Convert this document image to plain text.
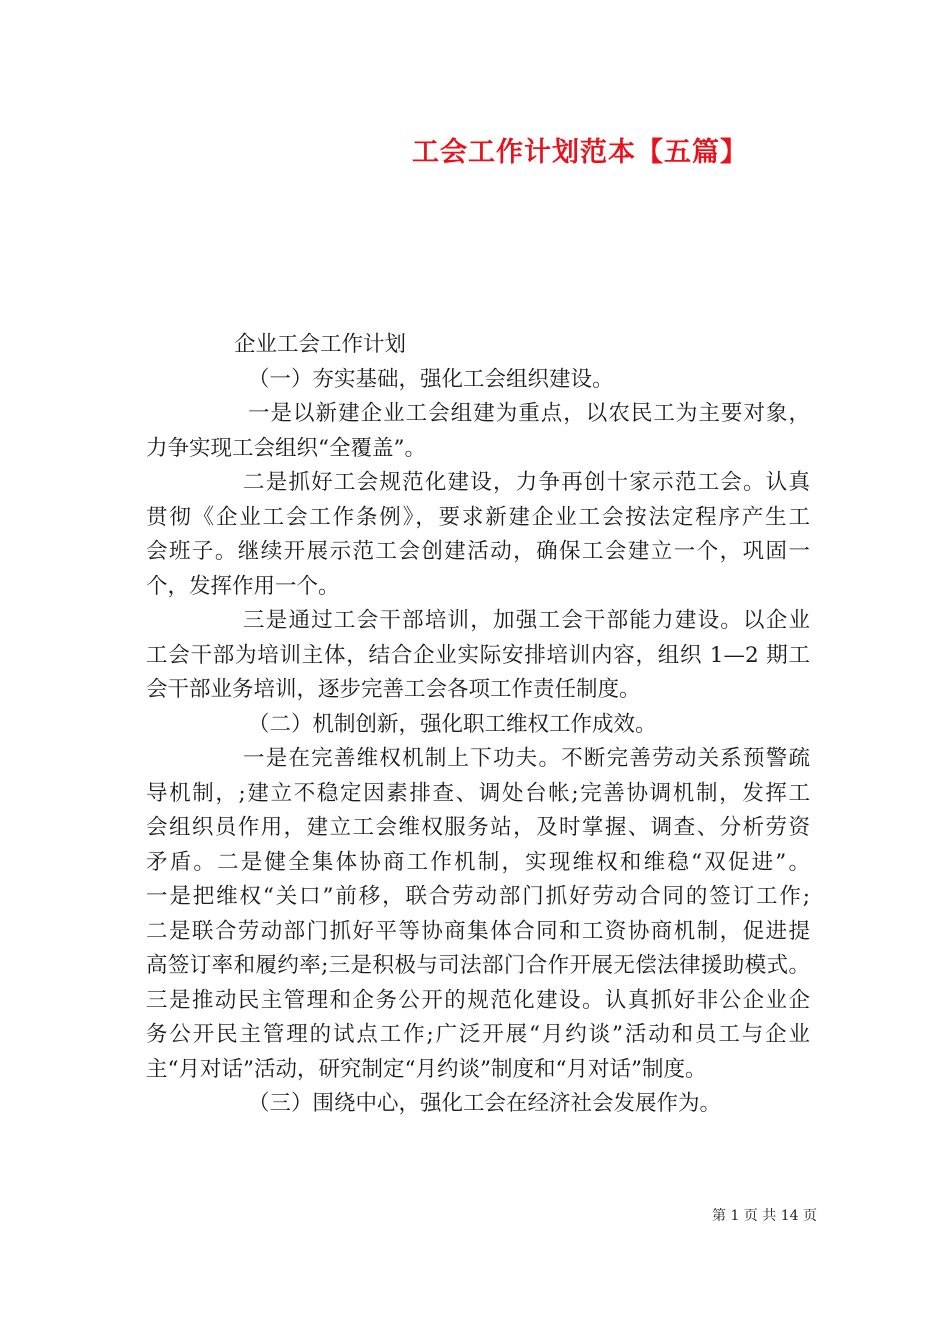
工会工作计划范本【五篇】
企业工会工作计划
（一）夯实基础，强化工会组织建设。
一是以新建企业工会组建为重点，以农民工为主要对象，
力争实现工会组织“全覆盖”。
二是抓好工会规范化建设，力争再创十家示范工会。认真
贯彻《企业工会工作条例》，要求新建企业工会按法定程序产生工
会班子。继续开展示范工会创建活动，确保工会建立一个，巩固一
个，发挥作用一个。
三是通过工会干部培训，加强工会干部能力建设。以企业
工会干部为培训主体，结合企业实际安排培训内容，组织 1—2 期工
会干部业务培训，逐步完善工会各项工作责任制度。
（二）机制创新，强化职工维权工作成效。
一是在完善维权机制上下功夫。不断完善劳动关系预警疏
导机制，;建立不稳定因素排查、调处台帐;完善协调机制，发挥工
会组织员作用，建立工会维权服务站，及时掌握、调查、分析劳资
矛盾。二是健全集体协商工作机制，实现维权和维稳“双促进”。
一是把维权“关口”前移，联合劳动部门抓好劳动合同的签订工作;
二是联合劳动部门抓好平等协商集体合同和工资协商机制，促进提
高签订率和履约率;三是积极与司法部门合作开展无偿法律援助模式。
三是推动民主管理和企务公开的规范化建设。认真抓好非公企业企
务公开民主管理的试点工作;广泛开展“月约谈”活动和员工与企业
主“月对话”活动，研究制定“月约谈”制度和“月对话”制度。
（三）围绕中心，强化工会在经济社会发展作为。
第 1 页 共 14 页
